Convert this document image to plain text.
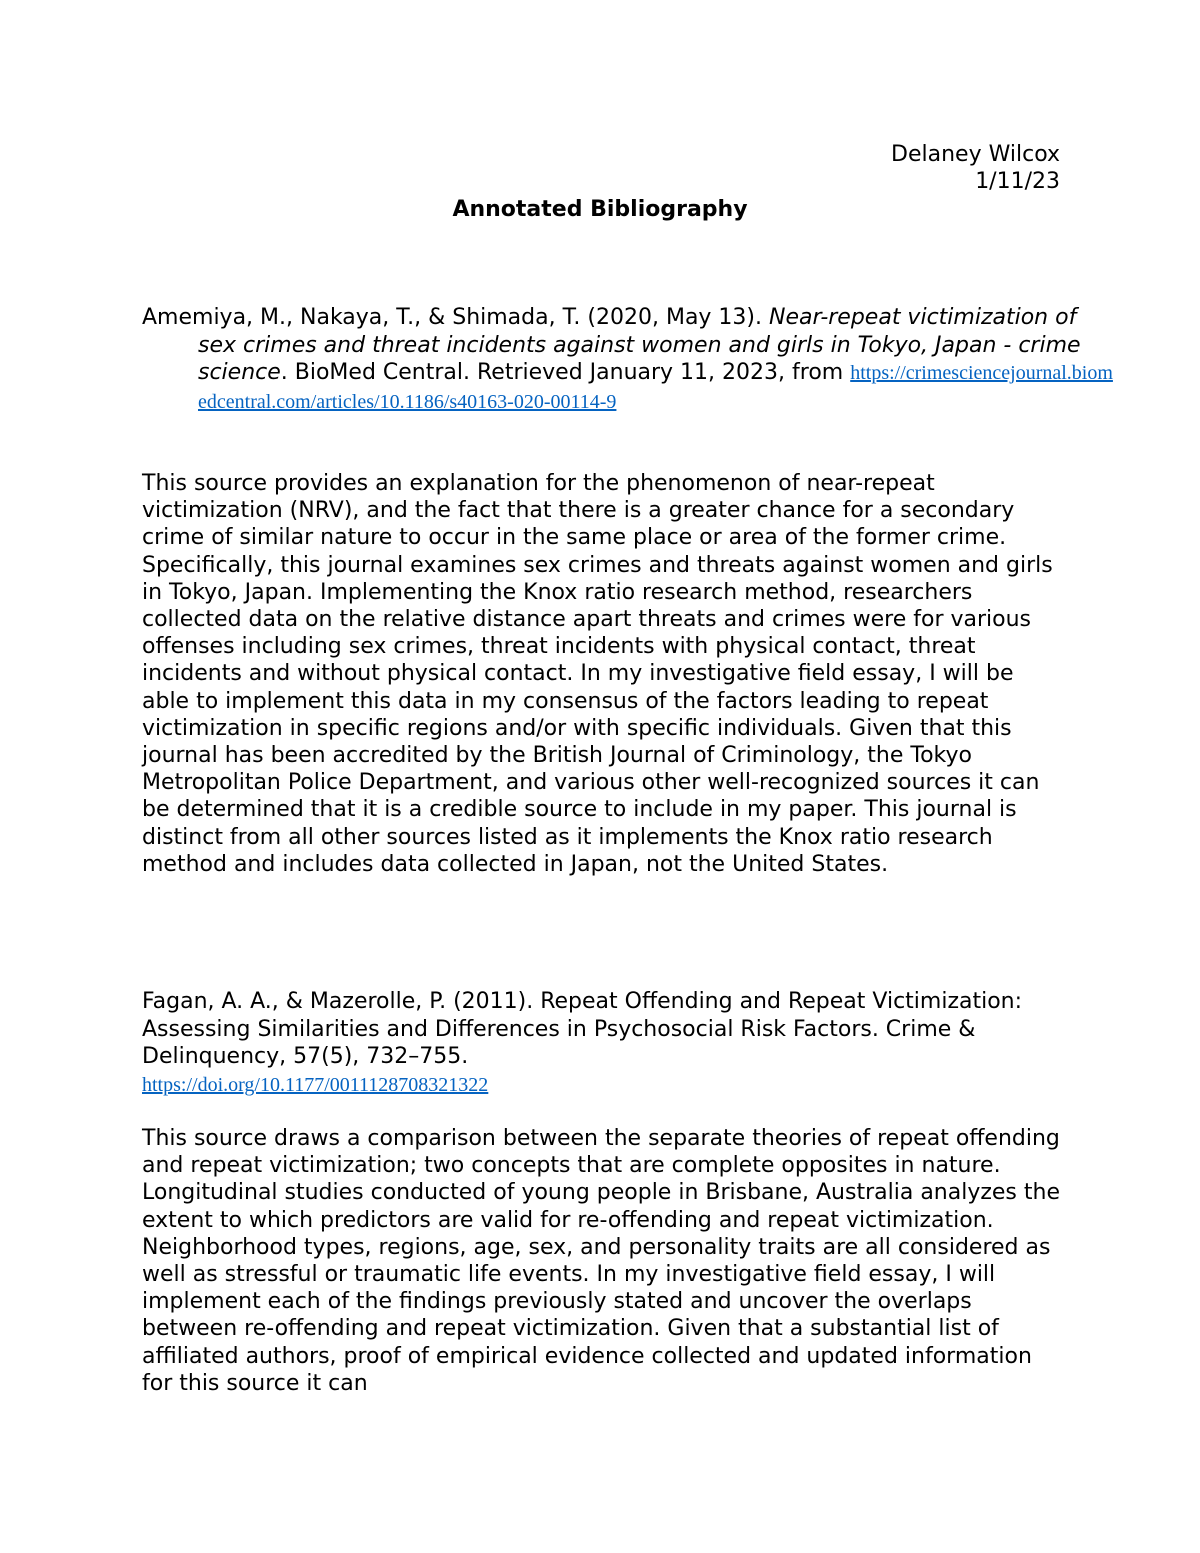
Delaney Wilcox
1/11/23
Annotated Bibliography
Amemiya, M., Nakaya, T., & Shimada, T. (2020, May 13). Near-repeat victimization of sex crimes and threat incidents against women and girls in Tokyo, Japan - crime science. BioMed Central. Retrieved January 11, 2023, from https://crimesciencejournal.biomedcentral.com/articles/10.1186/s40163-020-00114-9
This source provides an explanation for the phenomenon of near-repeat victimization (NRV), and the fact that there is a greater chance for a secondary crime of similar nature to occur in the same place or area of the former crime. Specifically, this journal examines sex crimes and threats against women and girls in Tokyo, Japan. Implementing the Knox ratio research method, researchers collected data on the relative distance apart threats and crimes were for various offenses including sex crimes, threat incidents with physical contact, threat incidents and without physical contact. In my investigative field essay, I will be able to implement this data in my consensus of the factors leading to repeat victimization in specific regions and/or with specific individuals. Given that this journal has been accredited by the British Journal of Criminology, the Tokyo Metropolitan Police Department, and various other well-recognized sources it can be determined that it is a credible source to include in my paper. This journal is distinct from all other sources listed as it implements the Knox ratio research method and includes data collected in Japan, not the United States.
Fagan, A. A., & Mazerolle, P. (2011). Repeat Offending and Repeat Victimization: Assessing Similarities and Differences in Psychosocial Risk Factors. Crime & Delinquency, 57(5), 732–755.
https://doi.org/10.1177/0011128708321322
This source draws a comparison between the separate theories of repeat offending and repeat victimization; two concepts that are complete opposites in nature. Longitudinal studies conducted of young people in Brisbane, Australia analyzes the extent to which predictors are valid for re-offending and repeat victimization. Neighborhood types, regions, age, sex, and personality traits are all considered as well as stressful or traumatic life events. In my investigative field essay, I will implement each of the findings previously stated and uncover the overlaps between re-offending and repeat victimization. Given that a substantial list of affiliated authors, proof of empirical evidence collected and updated information for this source it can
